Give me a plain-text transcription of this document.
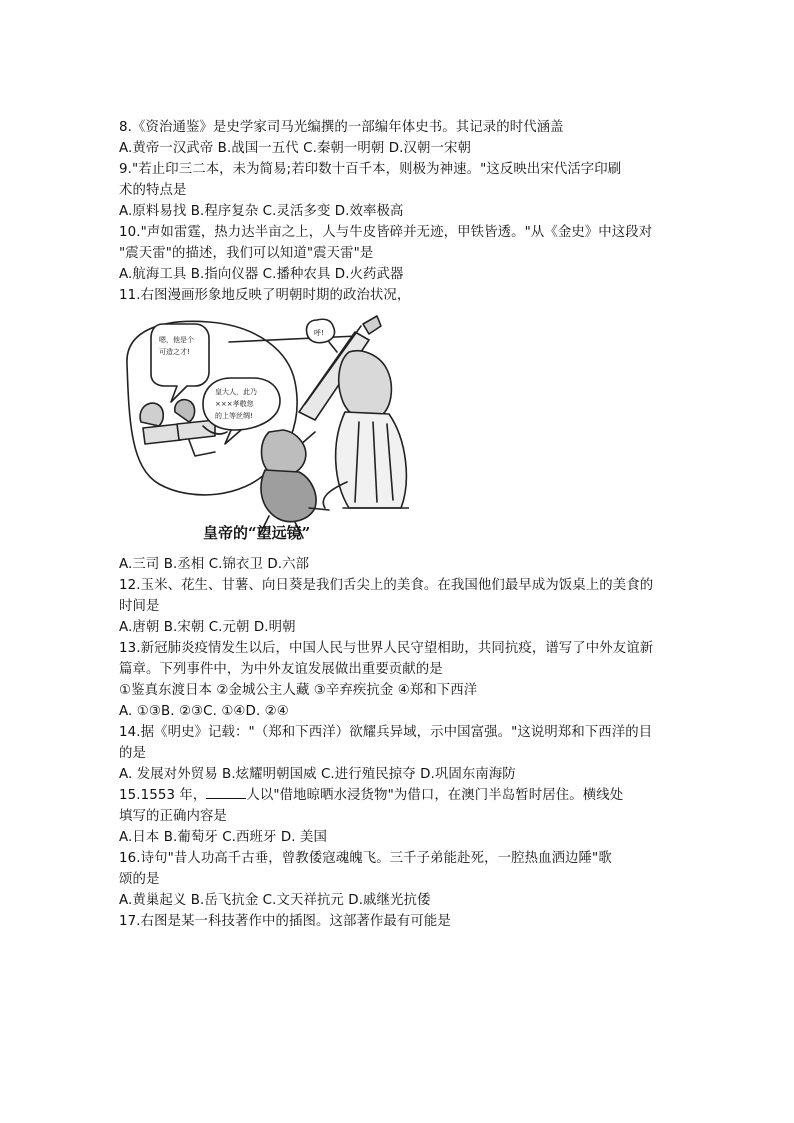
8.《资治通鉴》是史学家司马光编撰的一部编年体史书。其记录的时代涵盖
A.黄帝一汉武帝 B.战国一五代 C.秦朝一明朝 D.汉朝一宋朝
9."若止印三二本，未为简易;若印数十百千本，则极为神速。"这反映出宋代活字印刷
术的特点是
A.原料易找 B.程序复杂 C.灵活多变 D.效率极高
10."声如雷霆，热力达半亩之上，人与牛皮皆碎并无迹，甲铁皆透。"从《金史》中这段对
"震天雷"的描述，我们可以知道"震天雷"是
A.航海工具 B.指向仪器 C.播种农具 D.火药武器
11.右图漫画形象地反映了明朝时期的政治状况，
嗯，他是个
可造之才!
皇大人，此乃
×××孝敬您
的上等丝绸!
呼!
皇帝的“望远镜”
A.三司 B.丞相 C.锦衣卫 D.六部
12.玉米、花生、甘薯、向日葵是我们舌尖上的美食。在我国他们最早成为饭桌上的美食的
时间是
A.唐朝 B.宋朝 C.元朝 D.明朝
13.新冠肺炎疫情发生以后，中国人民与世界人民守望相助，共同抗疫，谱写了中外友谊新
篇章。下列事件中，为中外友谊发展做出重要贡献的是
①鉴真东渡日本 ②金城公主人藏 ③辛弃疾抗金 ④郑和下西洋
A. ①③B. ②③C. ①④D. ②④
14.据《明史》记载："（郑和下西洋）欲耀兵异域，示中国富强。"这说明郑和下西洋的目
的是
A. 发展对外贸易 B.炫耀明朝国威 C.进行殖民掠夺 D.巩固东南海防
15.1553 年，	人以"借地晾晒水浸货物"为借口，在澳门半岛暂时居住。横线处
填写的正确内容是
A.日本 B.葡萄牙 C.西班牙 D. 美国
16.诗句"昔人功高千古垂，曾教倭寇魂魄飞。三千子弟能赴死，一腔热血洒边陲"歌
颂的是
A.黄巢起义 B.岳飞抗金 C.文天祥抗元 D.戚继光抗倭
17.右图是某一科技著作中的插图。这部著作最有可能是
